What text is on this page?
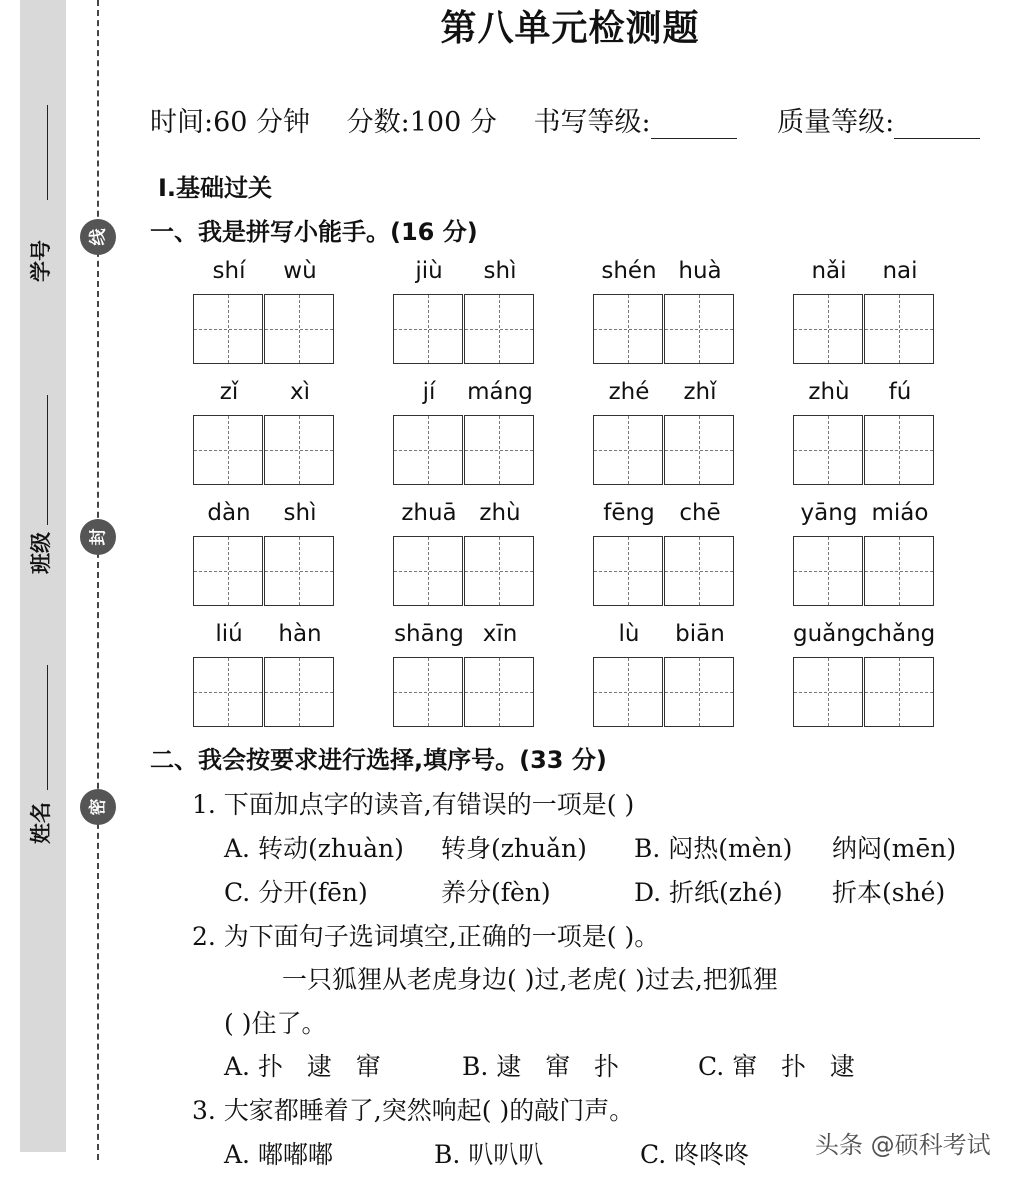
学号
班级
姓名
线
封
密
第八单元检测题
时间:60 分钟 分数:100 分 书写等级:	质量等级:
Ⅰ.基础过关
一、我是拼写小能手。(16 分)
shí	wù	jiù	shì	shén huà	nǎi	nai
zǐ	xì	jí	máng	zhé	zhǐ	zhù	fú
dàn	shì	zhuā zhù	fēng	chē	yāng miáo
liú	hàn	shāng xīn	lù	biān	guǎng chǎng
二、我会按要求进行选择,填序号。(33 分)
1. 下面加点字的读音,有错误的一项是( )
A. 转动(zhuàn) 转身(zhuǎn) B. 闷热(mèn) 纳闷(mēn)
C. 分开(fēn)	养分(fèn)	D. 折纸(zhé) 折本(shé)
2. 为下面句子选词填空,正确的一项是( )。
一只狐狸从老虎身边( )过,老虎( )过去,把狐狸
( )住了。
A. 扑   逮   窜	B. 逮   窜   扑	C. 窜   扑   逮
3. 大家都睡着了,突然响起( )的敲门声。
A. 嘟嘟嘟	B. 叭叭叭	C. 咚咚咚	头条 @硕科考试
